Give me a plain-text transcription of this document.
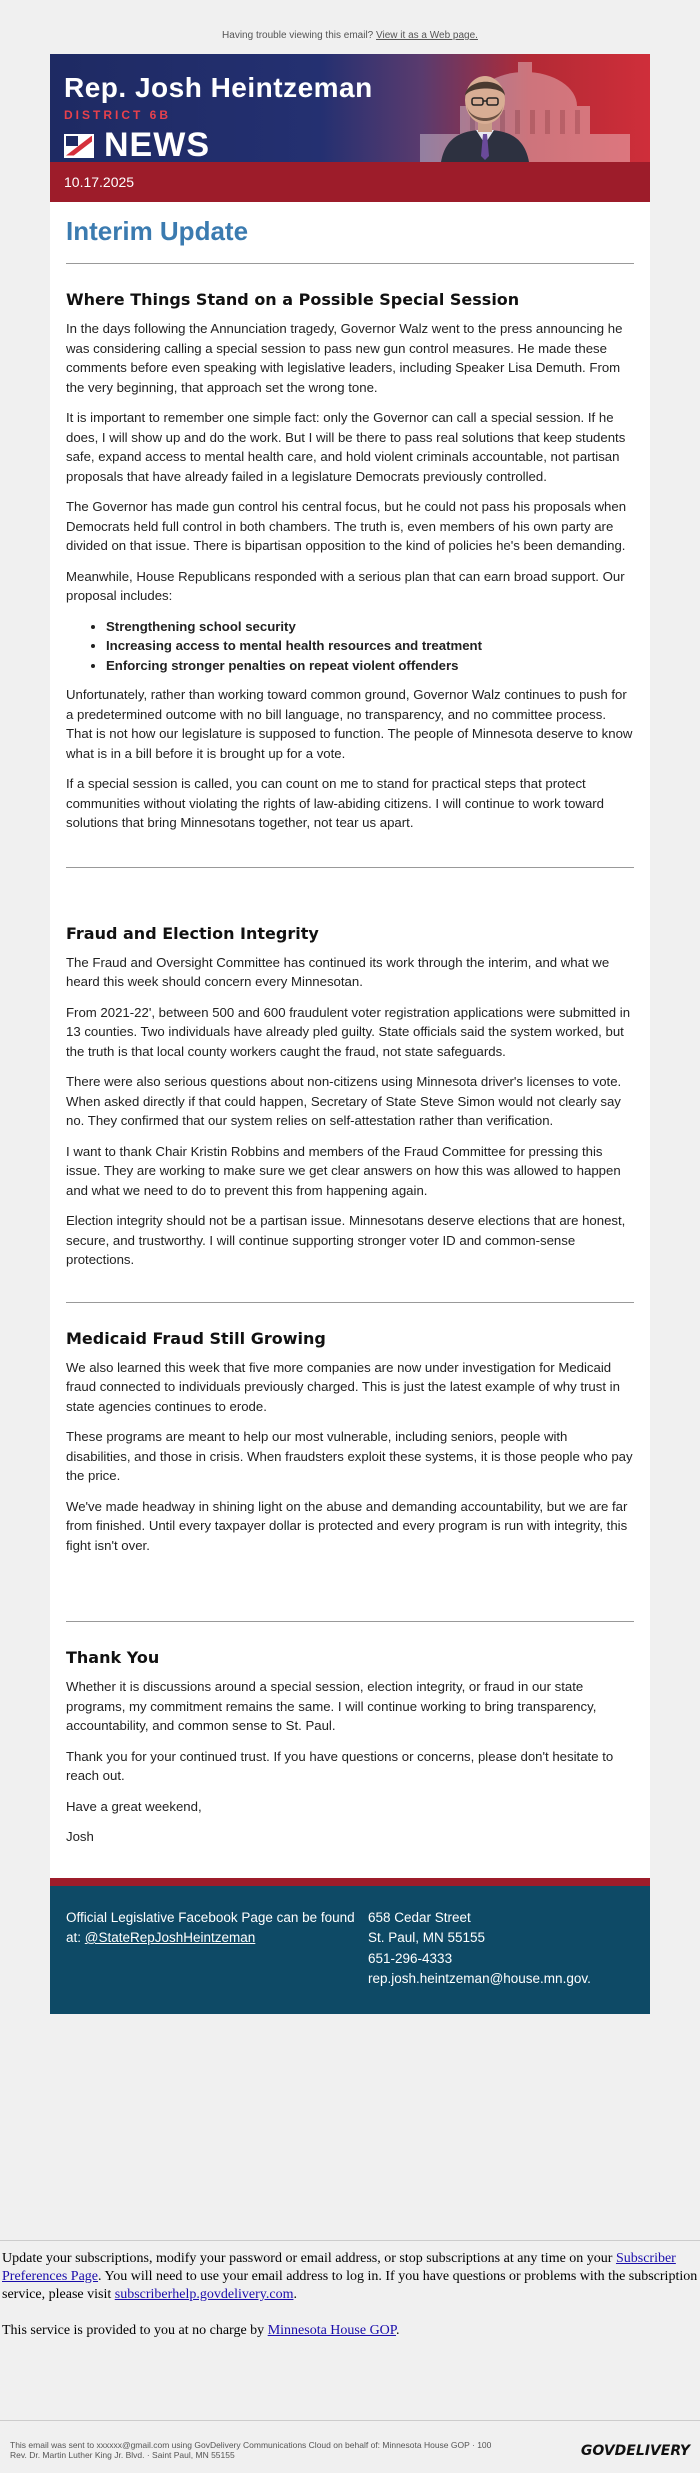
Having trouble viewing this email? View it as a Web page.
Rep. Josh Heintzeman
DISTRICT 6B
NEWS
10.17.2025
Interim Update
Where Things Stand on a Possible Special Session

In the days following the Annunciation tragedy, Governor Walz went to the press announcing he was considering calling a special session to pass new gun control measures. He made these comments before even speaking with legislative leaders, including Speaker Lisa Demuth. From the very beginning, that approach set the wrong tone.

It is important to remember one simple fact: only the Governor can call a special session. If he does, I will show up and do the work. But I will be there to pass real solutions that keep students safe, expand access to mental health care, and hold violent criminals accountable, not partisan proposals that have already failed in a legislature Democrats previously controlled.

The Governor has made gun control his central focus, but he could not pass his proposals when Democrats held full control in both chambers. The truth is, even members of his own party are divided on that issue. There is bipartisan opposition to the kind of policies he's been demanding.

Meanwhile, House Republicans responded with a serious plan that can earn broad support. Our proposal includes:

• Strengthening school security
• Increasing access to mental health resources and treatment
• Enforcing stronger penalties on repeat violent offenders

Unfortunately, rather than working toward common ground, Governor Walz continues to push for a predetermined outcome with no bill language, no transparency, and no committee process. That is not how our legislature is supposed to function. The people of Minnesota deserve to know what is in a bill before it is brought up for a vote.

If a special session is called, you can count on me to stand for practical steps that protect communities without violating the rights of law-abiding citizens. I will continue to work toward solutions that bring Minnesotans together, not tear us apart.

Fraud and Election Integrity

The Fraud and Oversight Committee has continued its work through the interim, and what we heard this week should concern every Minnesotan.

From 2021-22', between 500 and 600 fraudulent voter registration applications were submitted in 13 counties. Two individuals have already pled guilty. State officials said the system worked, but the truth is that local county workers caught the fraud, not state safeguards.

There were also serious questions about non-citizens using Minnesota driver's licenses to vote. When asked directly if that could happen, Secretary of State Steve Simon would not clearly say no. They confirmed that our system relies on self-attestation rather than verification.

I want to thank Chair Kristin Robbins and members of the Fraud Committee for pressing this issue. They are working to make sure we get clear answers on how this was allowed to happen and what we need to do to prevent this from happening again.

Election integrity should not be a partisan issue. Minnesotans deserve elections that are honest, secure, and trustworthy. I will continue supporting stronger voter ID and common-sense protections.

Medicaid Fraud Still Growing

We also learned this week that five more companies are now under investigation for Medicaid fraud connected to individuals previously charged. This is just the latest example of why trust in state agencies continues to erode.

These programs are meant to help our most vulnerable, including seniors, people with disabilities, and those in crisis. When fraudsters exploit these systems, it is those people who pay the price.

We've made headway in shining light on the abuse and demanding accountability, but we are far from finished. Until every taxpayer dollar is protected and every program is run with integrity, this fight isn't over.

Thank You

Whether it is discussions around a special session, election integrity, or fraud in our state programs, my commitment remains the same. I will continue working to bring transparency, accountability, and common sense to St. Paul.

Thank you for your continued trust. If you have questions or concerns, please don't hesitate to reach out.

Have a great weekend,

Josh

Official Legislative Facebook Page can be found
at: @StateRepJoshHeintzeman
658 Cedar Street
St. Paul, MN 55155
651-296-4333
rep.josh.heintzeman@house.mn.gov.

Update your subscriptions, modify your password or email address, or stop subscriptions at any time on your Subscriber Preferences Page. You will need to use your email address to log in. If you have questions or problems with the subscription service, please visit subscriberhelp.govdelivery.com.

This service is provided to you at no charge by Minnesota House GOP.

This email was sent to xxxxxx@gmail.com using GovDelivery Communications Cloud on behalf of: Minnesota House GOP · 100
Rev. Dr. Martin Luther King Jr. Blvd. · Saint Paul, MN 55155	GOVDELIVERY
